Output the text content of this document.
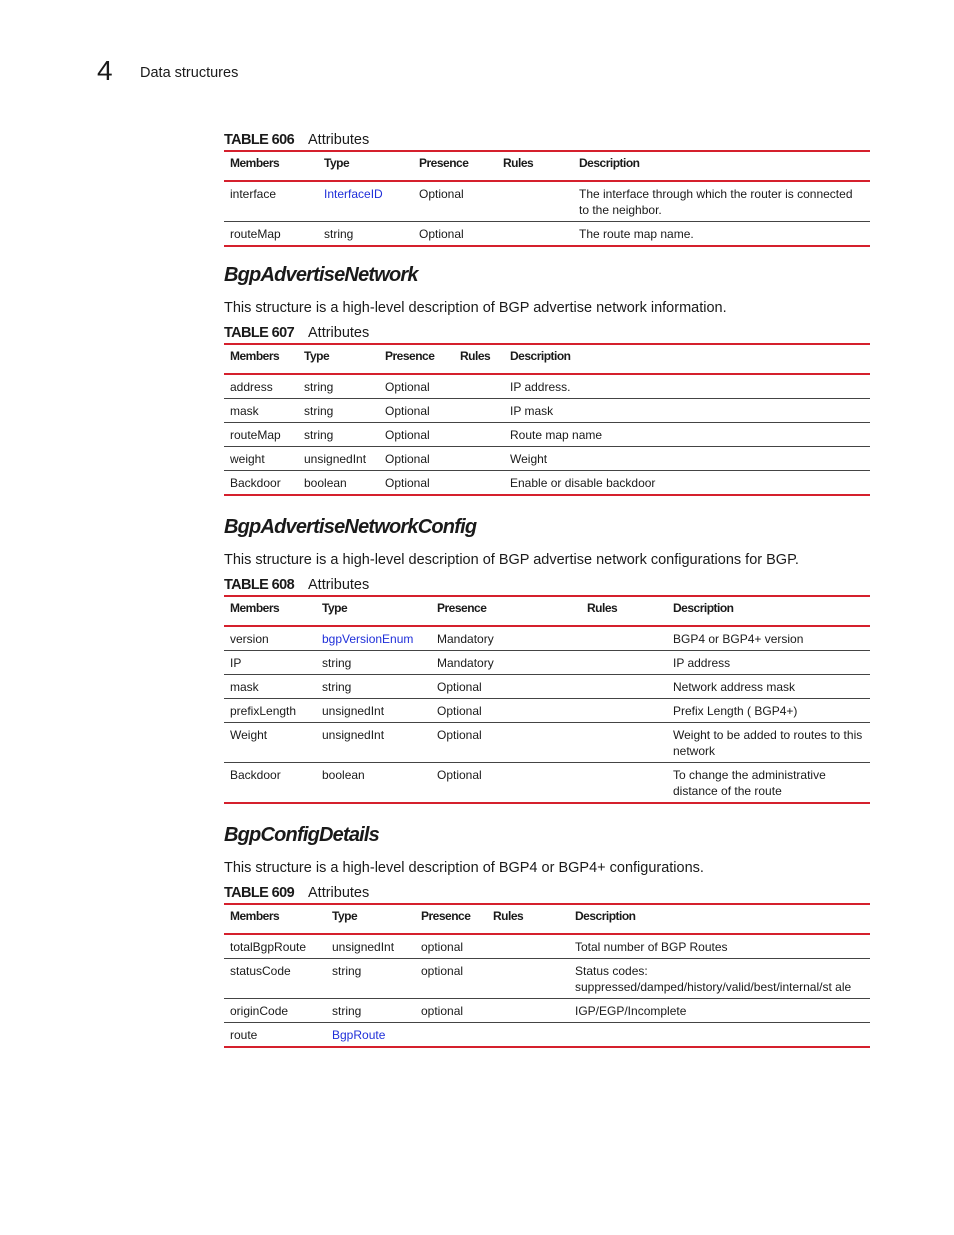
4 Data structures
TABLE 606 Attributes
Members	Type	Presence	Rules	Description
interface	InterfaceID	Optional		The interface through which the router is connected to the neighbor.
routeMap	string	Optional		The route map name.
BgpAdvertiseNetwork

This structure is a high-level description of BGP advertise network information.

TABLE 607 Attributes
Members	Type	Presence	Rules	Description
address	string	Optional		IP address.
mask	string	Optional		IP mask
routeMap	string	Optional		Route map name
weight	unsignedInt	Optional		Weight
Backdoor	boolean	Optional		Enable or disable backdoor
BgpAdvertiseNetworkConfig

This structure is a high-level description of BGP advertise network configurations for BGP.

TABLE 608 Attributes
Members	Type	Presence	Rules	Description
version	bgpVersionEnum	Mandatory		BGP4 or BGP4+ version
IP	string	Mandatory		IP address
mask	string	Optional		Network address mask
prefixLength	unsignedInt	Optional		Prefix Length ( BGP4+)
Weight	unsignedInt	Optional		Weight to be added to routes to this network
Backdoor	boolean	Optional		To change the administrative distance of the route
BgpConfigDetails

This structure is a high-level description of BGP4 or BGP4+ configurations.

TABLE 609 Attributes
Members	Type	Presence	Rules	Description
totalBgpRoute	unsignedInt	optional		Total number of BGP Routes
statusCode	string	optional		Status codes: suppressed/damped/history/valid/best/internal/st ale
originCode	string	optional		IGP/EGP/Incomplete
route	BgpRoute			
